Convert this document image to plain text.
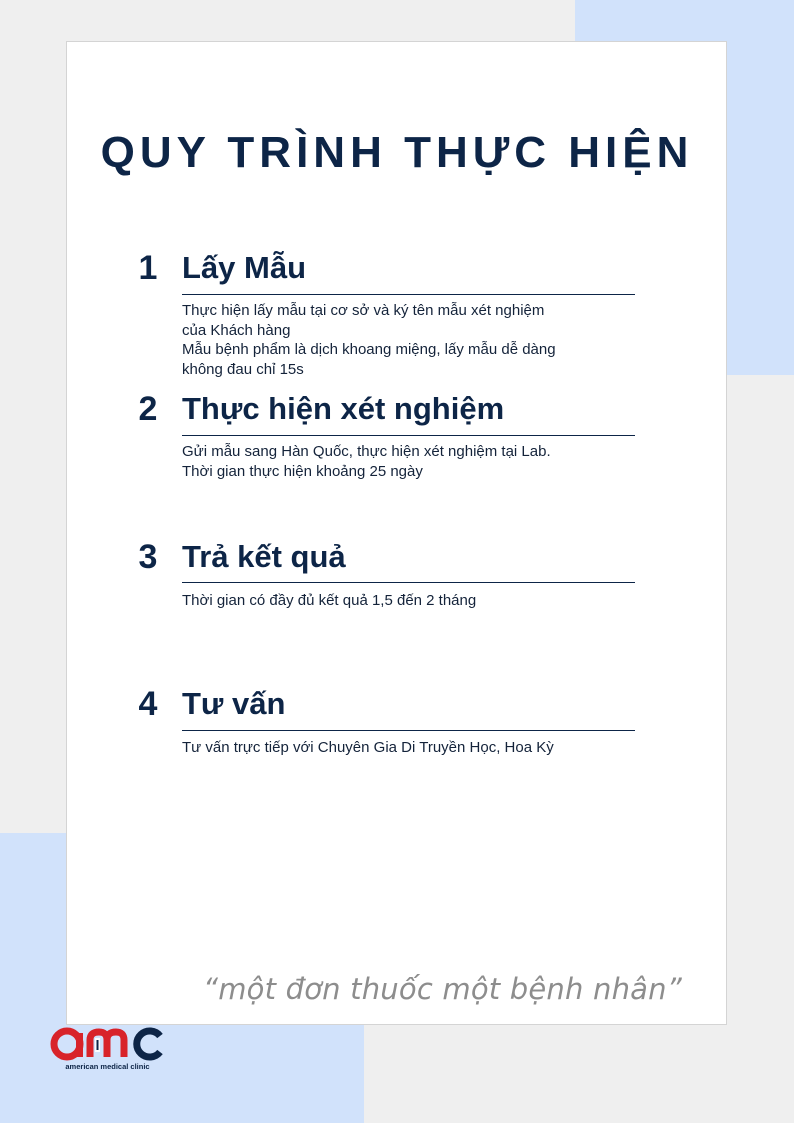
QUY TRÌNH THỰC HIỆN
1 Lấy Mẫu
Thực hiện lấy mẫu tại cơ sở và ký tên mẫu xét nghiệm
của Khách hàng
Mẫu bệnh phẩm là dịch khoang miệng, lấy mẫu dễ dàng
không đau chỉ 15s
2 Thực hiện xét nghiệm
Gửi mẫu sang Hàn Quốc, thực hiện xét nghiệm tại Lab.
Thời gian thực hiện khoảng 25 ngày
3 Trả kết quả
Thời gian có đầy đủ kết quả 1,5 đến 2 tháng
4 Tư vấn
Tư vấn trực tiếp với Chuyên Gia Di Truyền Học, Hoa Kỳ
“một đơn thuốc một bệnh nhân”
american medical clinic
